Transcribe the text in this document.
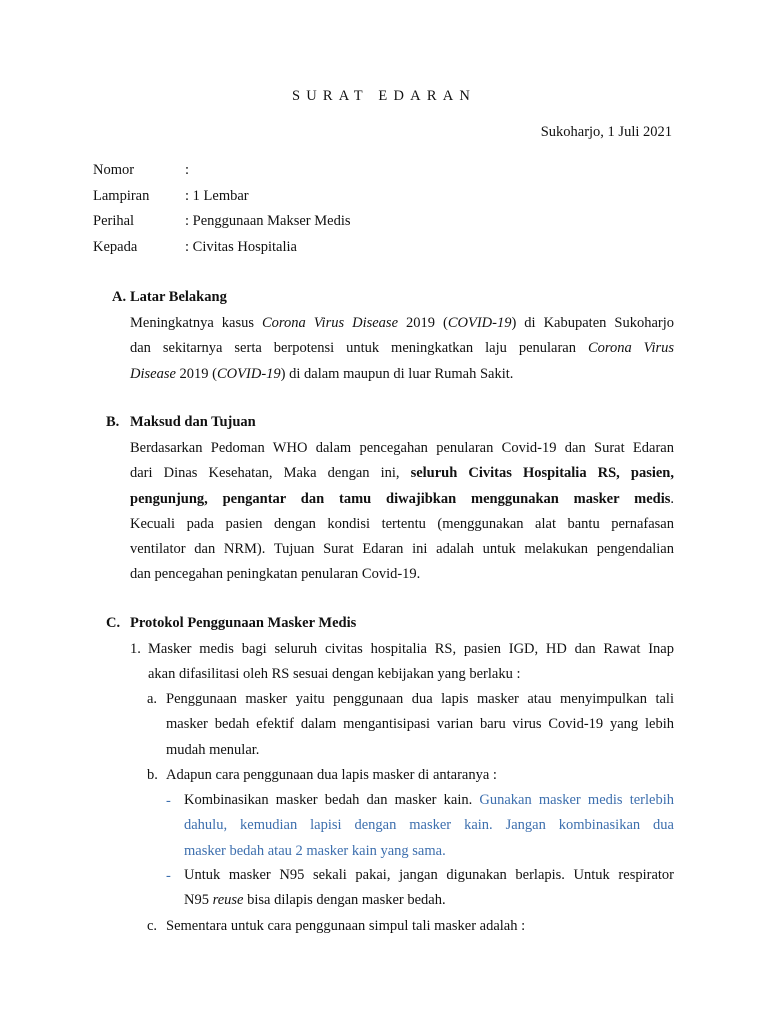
SURAT EDARAN
Sukoharjo, 1 Juli 2021
Nomor	:
Lampiran	: 1 Lembar
Perihal	: Penggunaan Makser Medis
Kepada	: Civitas Hospitalia
A. Latar Belakang
Meningkatnya kasus Corona Virus Disease 2019 (COVID-19) di Kabupaten Sukoharjo
dan sekitarnya serta berpotensi untuk meningkatkan laju penularan Corona Virus
Disease 2019 (COVID-19) di dalam maupun di luar Rumah Sakit.
B. Maksud dan Tujuan
Berdasarkan Pedoman WHO dalam pencegahan penularan Covid-19 dan Surat Edaran
dari Dinas Kesehatan, Maka dengan ini, seluruh Civitas Hospitalia RS, pasien,
pengunjung, pengantar dan tamu diwajibkan menggunakan masker medis.
Kecuali pada pasien dengan kondisi tertentu (menggunakan alat bantu pernafasan
ventilator dan NRM). Tujuan Surat Edaran ini adalah untuk melakukan pengendalian
dan pencegahan peningkatan penularan Covid-19.
C. Protokol Penggunaan Masker Medis
1. Masker medis bagi seluruh civitas hospitalia RS, pasien IGD, HD dan Rawat Inap
akan difasilitasi oleh RS sesuai dengan kebijakan yang berlaku :
a. Penggunaan masker yaitu penggunaan dua lapis masker atau menyimpulkan tali
masker bedah efektif dalam mengantisipasi varian baru virus Covid-19 yang lebih
mudah menular.
b. Adapun cara penggunaan dua lapis masker di antaranya :
- Kombinasikan masker bedah dan masker kain. Gunakan masker medis terlebih
dahulu, kemudian lapisi dengan masker kain. Jangan kombinasikan dua
masker bedah atau 2 masker kain yang sama.
- Untuk masker N95 sekali pakai, jangan digunakan berlapis. Untuk respirator
N95 reuse bisa dilapis dengan masker bedah.
c. Sementara untuk cara penggunaan simpul tali masker adalah :
